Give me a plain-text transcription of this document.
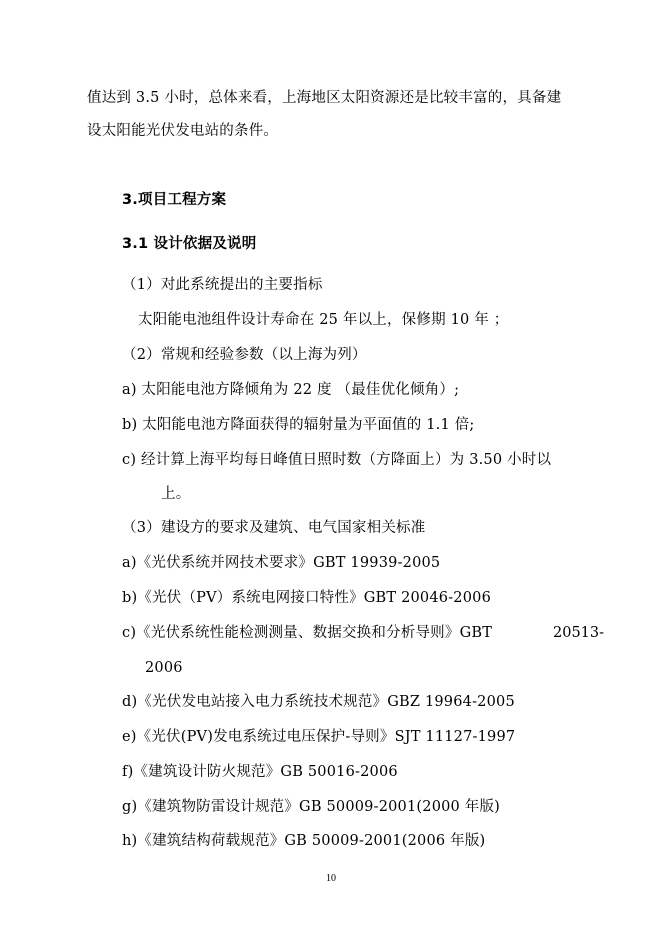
值达到 3.5 小时，总体来看，上海地区太阳资源还是比较丰富的，具备建
设太阳能光伏发电站的条件。
3.项目工程方案
3.1 设计依据及说明
（1）对此系统提出的主要指标
太阳能电池组件设计寿命在 25 年以上，保修期 10 年 ；
（2）常规和经验参数（以上海为列）
a) 太阳能电池方降倾角为 22 度 （最佳优化倾角）;
b) 太阳能电池方降面获得的辐射量为平面值的 1.1 倍;
c) 经计算上海平均每日峰值日照时数（方降面上）为 3.50 小时以
上。
（3）建设方的要求及建筑、电气国家相关标准
a)《光伏系统并网技术要求》GBT 19939-2005
b)《光伏（PV）系统电网接口特性》GBT 20046-2006
c)《光伏系统性能检测测量、数据交换和分析导则》GBT	20513-
2006
d)《光伏发电站接入电力系统技术规范》GBZ 19964-2005
e)《光伏(PV)发电系统过电压保护-导则》SJT 11127-1997
f)《建筑设计防火规范》GB 50016-2006
g)《建筑物防雷设计规范》GB 50009-2001(2000 年版)
h)《建筑结构荷载规范》GB 50009-2001(2006 年版)
10
